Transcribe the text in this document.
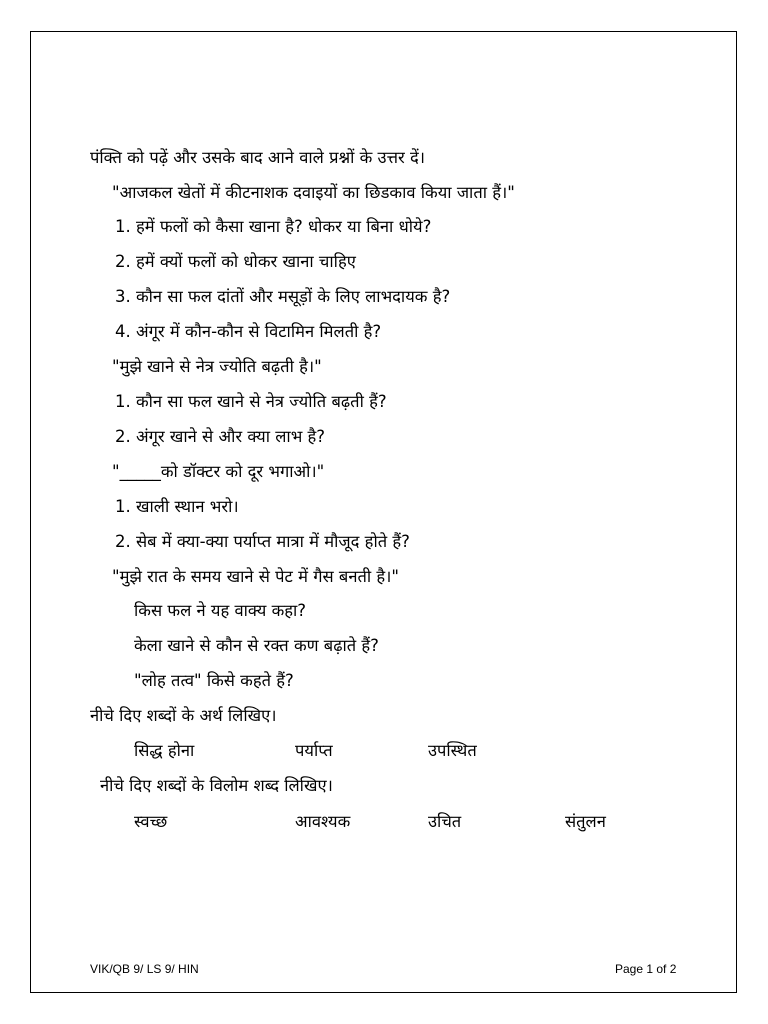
पंक्ति को पढ़ें और उसके बाद आने वाले प्रश्नों के उत्तर दें।
"आजकल खेतों में कीटनाशक दवाइयों का छिडकाव किया जाता हैं।"
1. हमें फलों को कैसा खाना है? धोकर या बिना धोये?
2. हमें क्यों फलों को धोकर खाना चाहिए
3. कौन सा फल दांतों और मसूड़ों के लिए लाभदायक है?
4. अंगूर में कौन-कौन से विटामिन मिलती है?
"मुझे खाने से नेत्र ज्योति बढ़ती है।"
1. कौन सा फल खाने से नेत्र ज्योति बढ़ती हैं?
2. अंगूर खाने से और क्या लाभ है?
"_____को डॉक्टर को दूर भगाओ।"
1. खाली स्थान भरो।
2. सेब में क्या-क्या पर्याप्त मात्रा में मौजूद होते हैं?
"मुझे रात के समय खाने से पेट में गैस बनती है।"
किस फल ने यह वाक्य कहा?
केला खाने से कौन से रक्त कण बढ़ाते हैं?
"लोह तत्व" किसे कहते हैं?
नीचे दिए शब्दों के अर्थ लिखिए।
सिद्ध होना	पर्याप्त	उपस्थित
नीचे दिए शब्दों के विलोम शब्द लिखिए।
स्वच्छ	आवश्यक	उचित	संतुलन
VIK/QB 9/ LS 9/ HIN	Page 1 of 2
